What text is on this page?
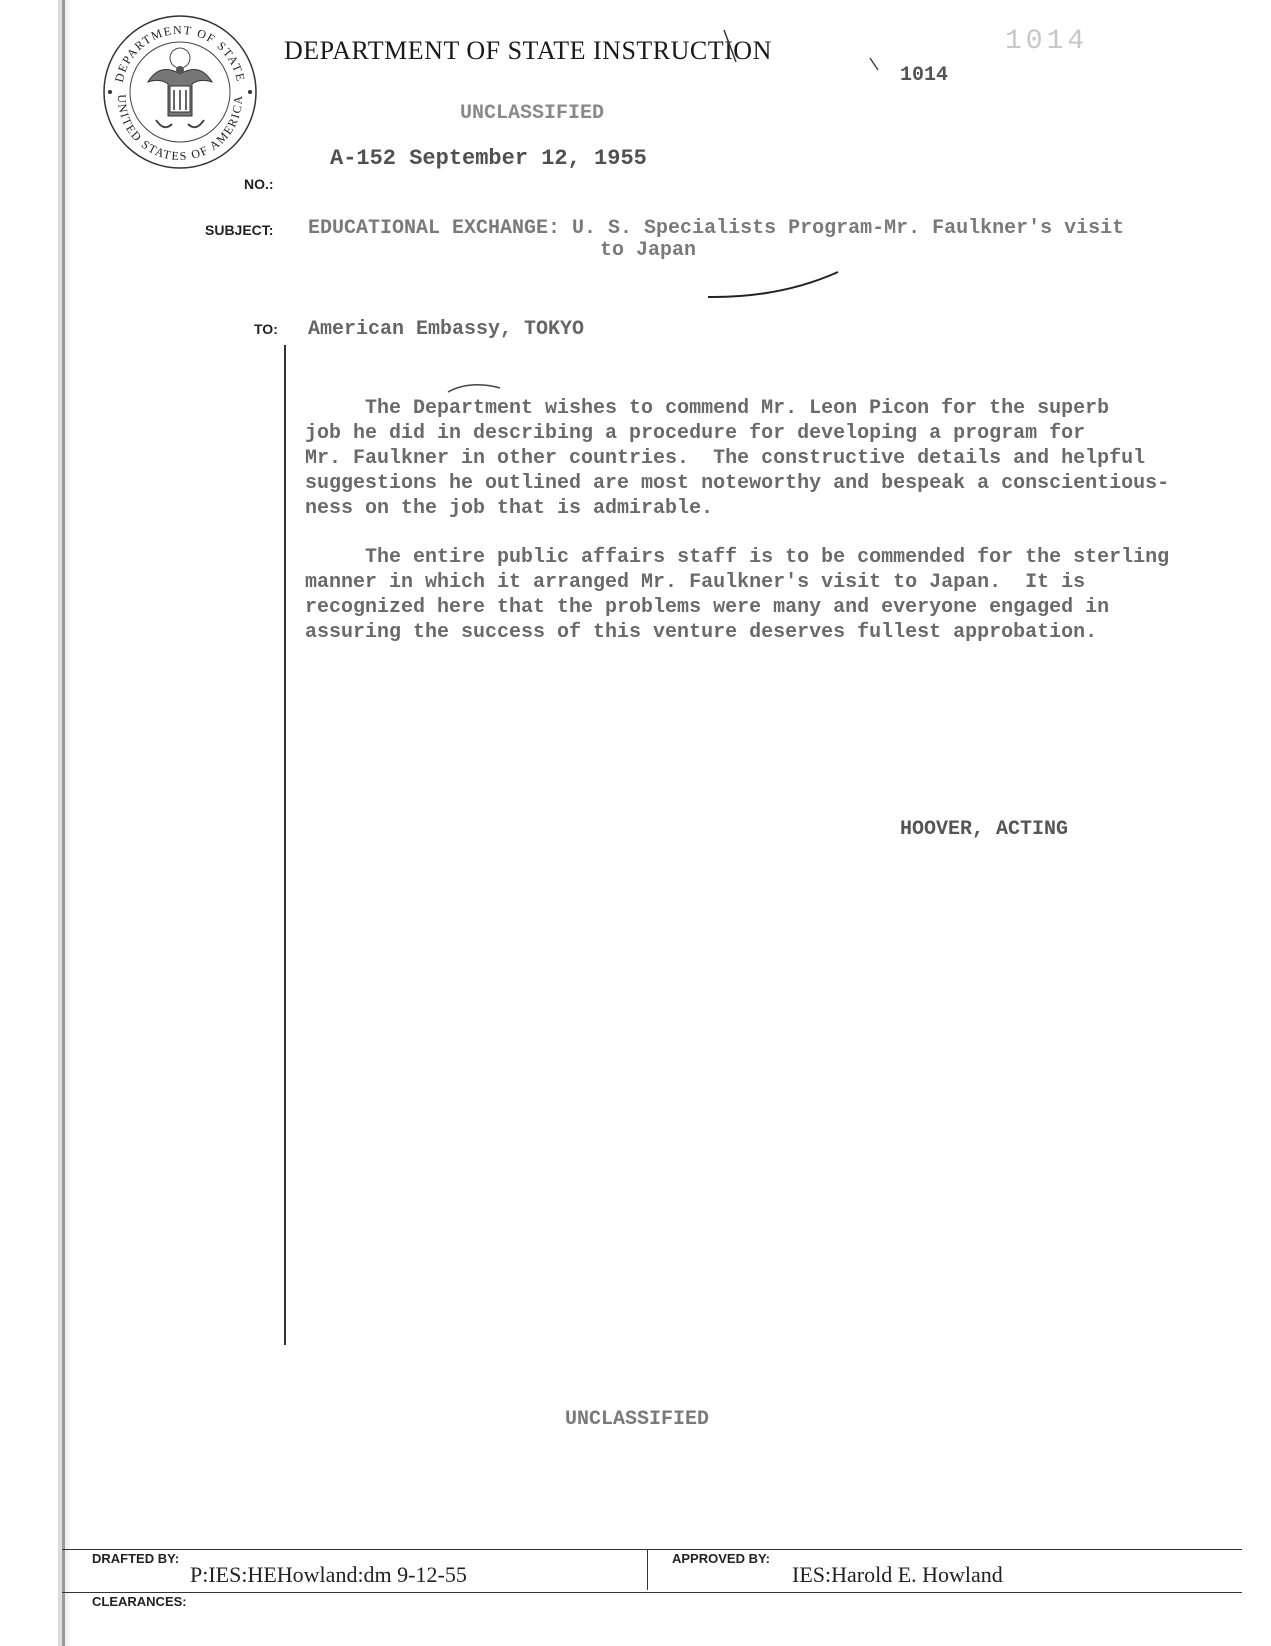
DEPARTMENT OF STATE
UNITED STATES OF AMERICA
DEPARTMENT OF STATE INSTRUCTION	1014
1014
UNCLASSIFIED
NO.:
A-152 September 12, 1955
SUBJECT: EDUCATIONAL EXCHANGE: U. S. Specialists Program-Mr. Faulkner's visit
to Japan
TO: American Embassy, TOKYO

The Department wishes to commend Mr. Leon Picon for the superb
job he did in describing a procedure for developing a program for
Mr. Faulkner in other countries.  The constructive details and helpful
suggestions he outlined are most noteworthy and bespeak a conscientious-
ness on the job that is admirable.

The entire public affairs staff is to be commended for the sterling
manner in which it arranged Mr. Faulkner's visit to Japan.  It is
recognized here that the problems were many and everyone engaged in
assuring the success of this venture deserves fullest approbation.

HOOVER, ACTING
UNCLASSIFIED
DRAFTED BY:
P:IES:HEHowland:dm 9-12-55
APPROVED BY:
IES:Harold E. Howland
CLEARANCES:
